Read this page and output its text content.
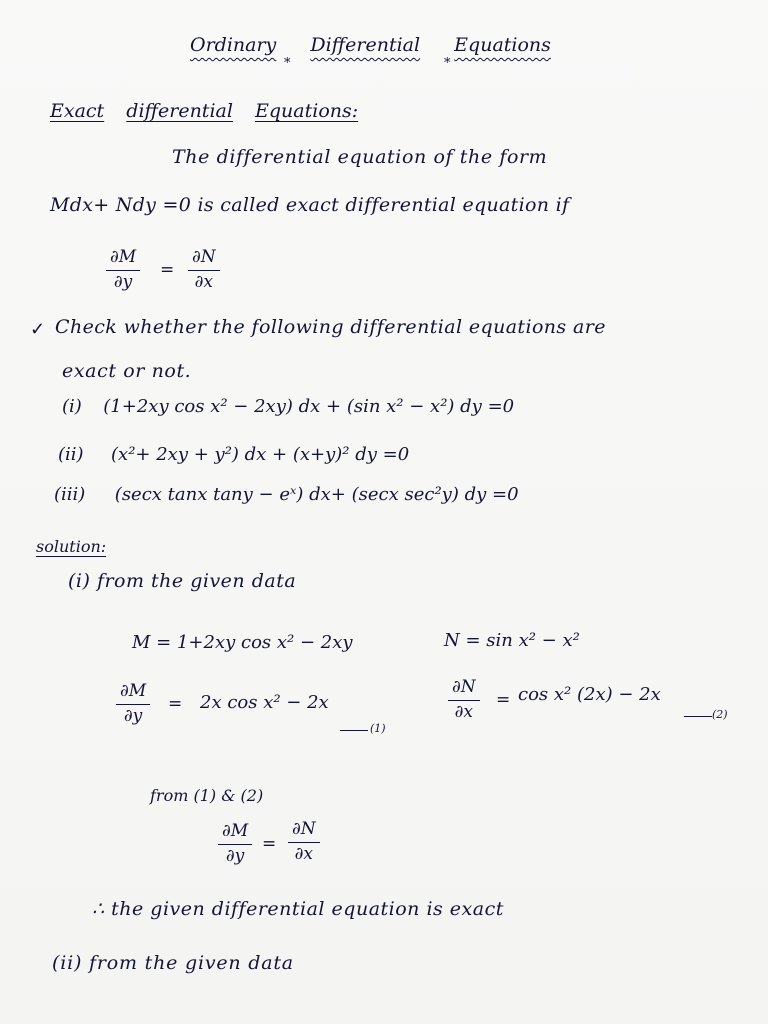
Ordinary Differential Equations
*	*
Exact differential Equations:
The differential equation of the form
Mdx+ Ndy =0 is called exact differential equation if
$\frac{\partial M}{\partial y} = \frac{\partial N}{\partial x}$
✓ Check whether the following differential equations are
exact or not.
(i) (1+2xy cos x² − 2xy) dx + (sin x² − x²) dy =0
(ii) (x²+ 2xy + y²) dx + (x+y)² dy =0
(iii) (secx tanx tany − eˣ) dx+ (secx sec²y) dy =0
solution:
(i) from the given data
M = 1+2xy cos x² − 2xy	N = sin x² − x²
$\frac{\partial M}{\partial y} = 2x$ cos x² − 2x
(1)
$\frac{\partial N}{\partial x} = \cos x^2$ (2x) − 2x
(2)
from (1) & (2)
$\frac{\partial M}{\partial y} = \frac{\partial N}{\partial x}$
∴ the given differential equation is exact
(ii) from the given data
